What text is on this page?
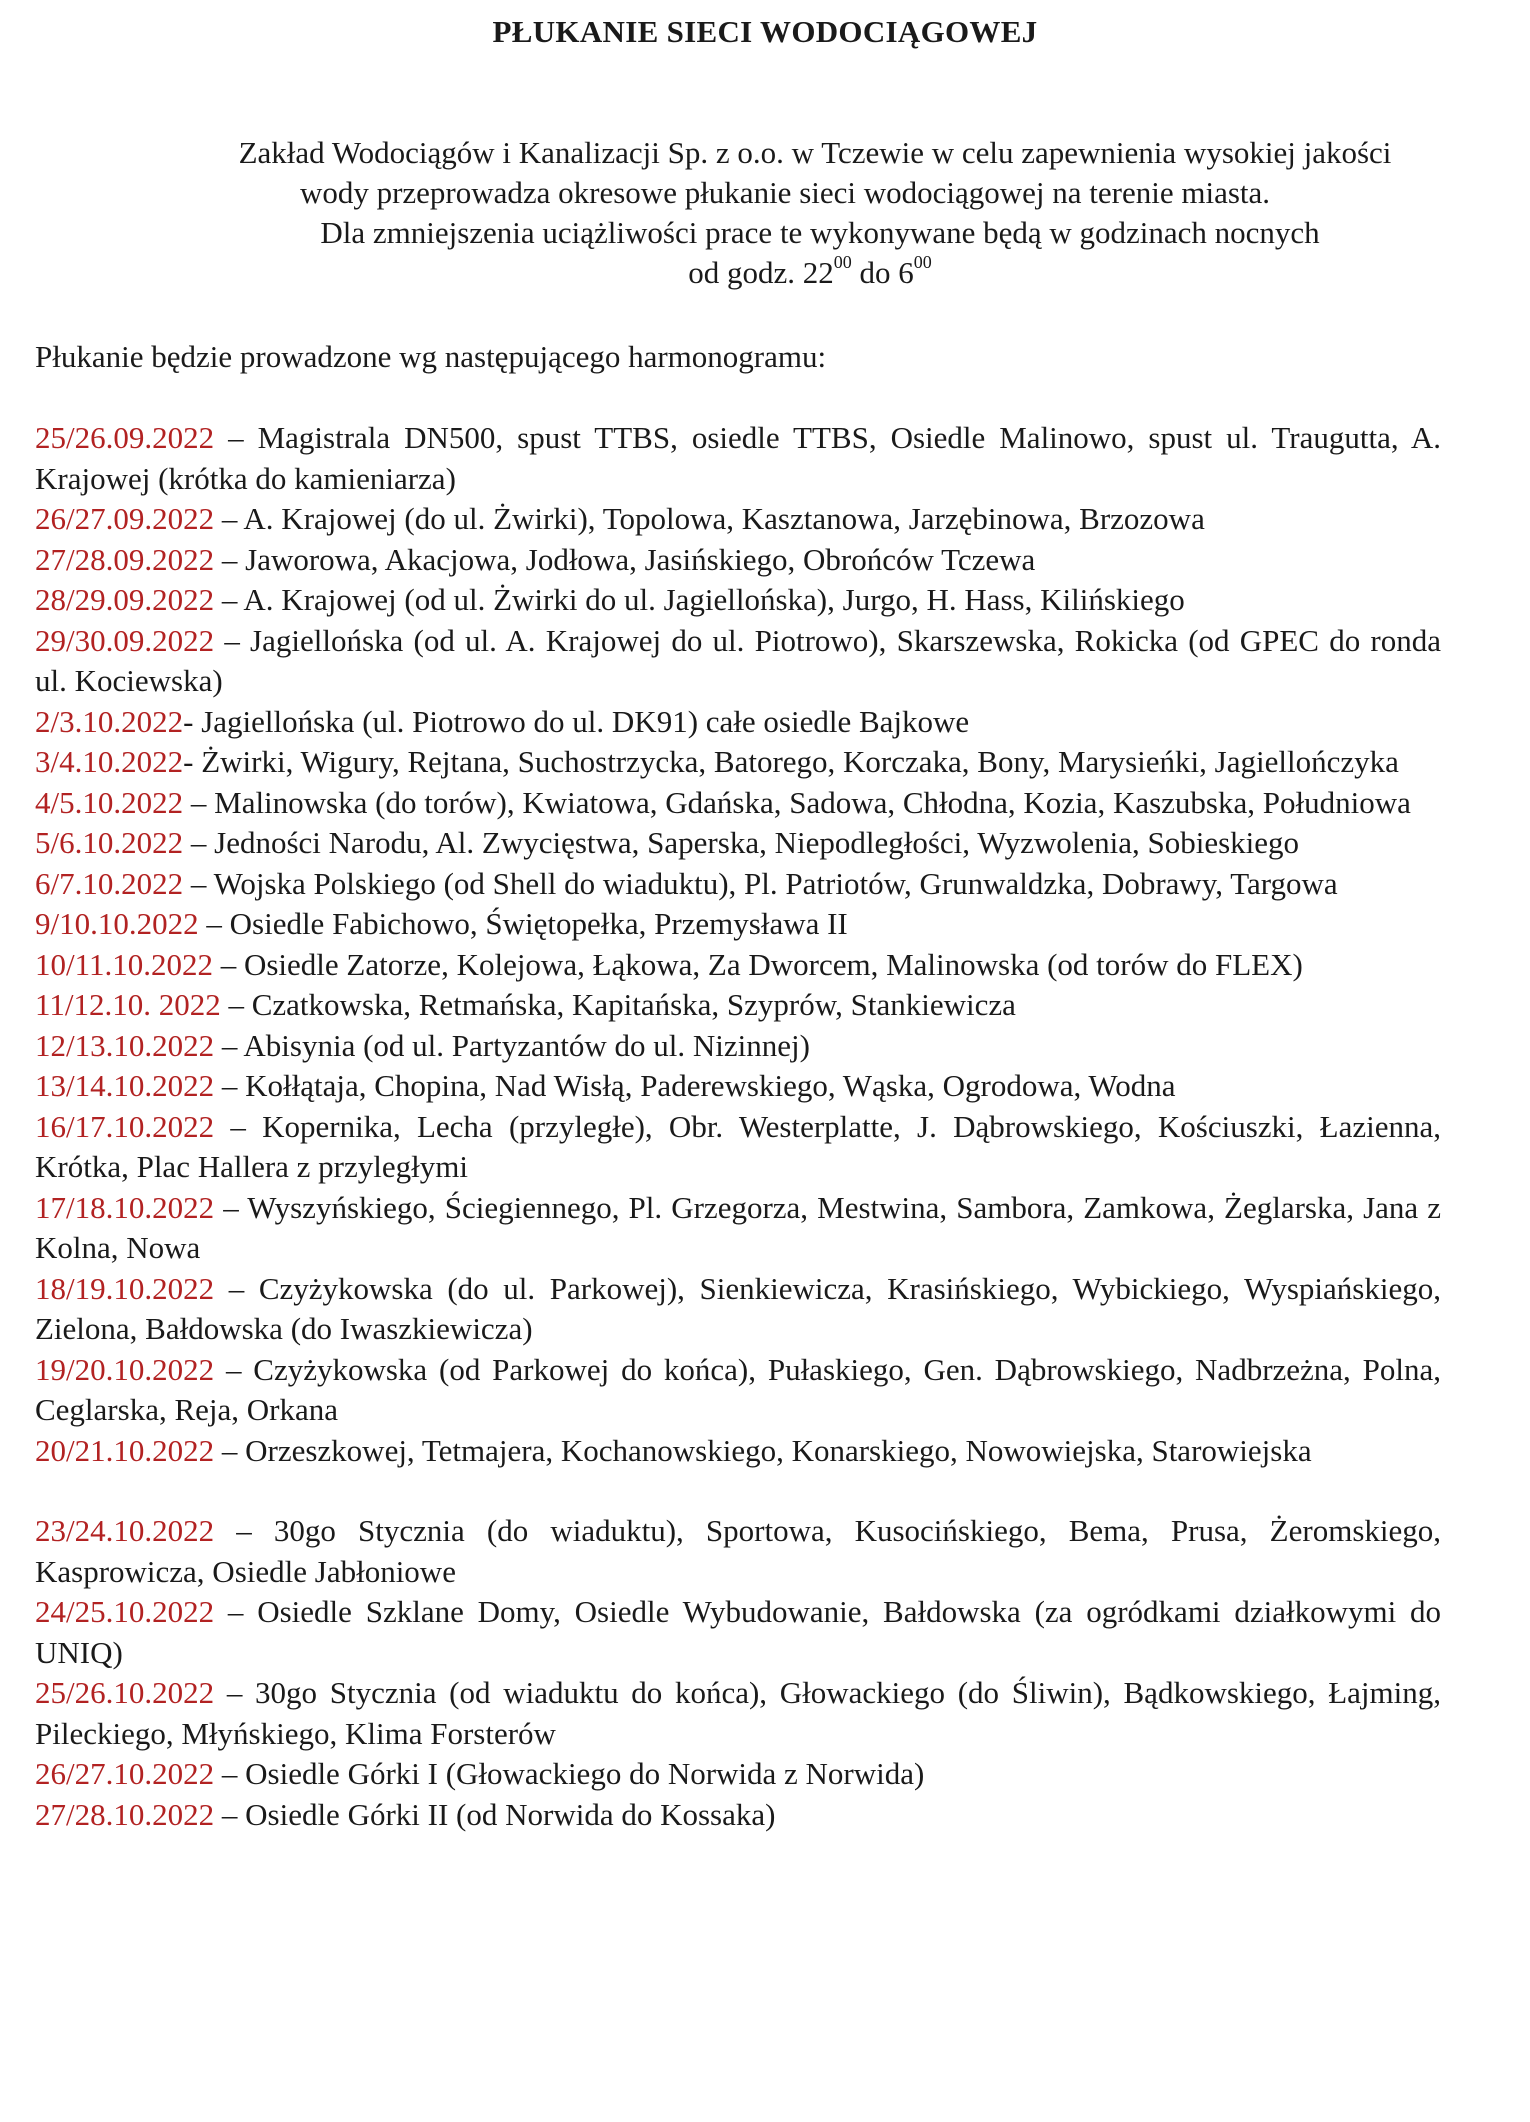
PŁUKANIE SIECI WODOCIĄGOWEJ
Zakład Wodociągów i Kanalizacji Sp. z o.o. w Tczewie w celu zapewnienia wysokiej jakości
wody przeprowadza okresowe płukanie sieci wodociągowej na terenie miasta.
Dla zmniejszenia uciążliwości prace te wykonywane będą w godzinach nocnych
od godz. $22^{00}$ do $6^{00}$
Płukanie będzie prowadzone wg następującego harmonogramu:
25/26.09.2022 – Magistrala DN500, spust TTBS, osiedle TTBS, Osiedle Malinowo, spust ul. Traugutta, A. Krajowej (krótka do kamieniarza)
26/27.09.2022 – A. Krajowej (do ul. Żwirki), Topolowa, Kasztanowa, Jarzębinowa, Brzozowa
27/28.09.2022 – Jaworowa, Akacjowa, Jodłowa, Jasińskiego, Obrońców Tczewa
28/29.09.2022 – A. Krajowej (od ul. Żwirki do ul. Jagiellońska), Jurgo, H. Hass, Kilińskiego
29/30.09.2022 – Jagiellońska (od ul. A. Krajowej do ul. Piotrowo), Skarszewska, Rokicka (od GPEC do ronda ul. Kociewska)
2/3.10.2022- Jagiellońska (ul. Piotrowo do ul. DK91) całe osiedle Bajkowe
3/4.10.2022- Żwirki, Wigury, Rejtana, Suchostrzycka, Batorego, Korczaka, Bony, Marysieńki, Jagiellończyka
4/5.10.2022 – Malinowska (do torów), Kwiatowa, Gdańska, Sadowa, Chłodna, Kozia, Kaszubska, Południowa
5/6.10.2022 – Jedności Narodu, Al. Zwycięstwa, Saperska, Niepodległości, Wyzwolenia, Sobieskiego
6/7.10.2022 – Wojska Polskiego (od Shell do wiaduktu), Pl. Patriotów, Grunwaldzka, Dobrawy, Targowa
9/10.10.2022 – Osiedle Fabichowo, Świętopełka, Przemysława II
10/11.10.2022 – Osiedle Zatorze, Kolejowa, Łąkowa, Za Dworcem, Malinowska (od torów do FLEX)
11/12.10. 2022 – Czatkowska, Retmańska, Kapitańska, Szyprów, Stankiewicza
12/13.10.2022 – Abisynia (od ul. Partyzantów do ul. Nizinnej)
13/14.10.2022 – Kołłątaja, Chopina, Nad Wisłą, Paderewskiego, Wąska, Ogrodowa, Wodna
16/17.10.2022 – Kopernika, Lecha (przyległe), Obr. Westerplatte, J. Dąbrowskiego, Kościuszki, Łazienna, Krótka, Plac Hallera z przyległymi
17/18.10.2022 – Wyszyńskiego, Ściegiennego, Pl. Grzegorza, Mestwina, Sambora, Zamkowa, Żeglarska, Jana z Kolna, Nowa
18/19.10.2022 – Czyżykowska (do ul. Parkowej), Sienkiewicza, Krasińskiego, Wybickiego, Wyspiańskiego, Zielona, Bałdowska (do Iwaszkiewicza)
19/20.10.2022 – Czyżykowska (od Parkowej do końca), Pułaskiego, Gen. Dąbrowskiego, Nadbrzeżna, Polna, Ceglarska, Reja, Orkana
20/21.10.2022 – Orzeszkowej, Tetmajera, Kochanowskiego, Konarskiego, Nowowiejska, Starowiejska
23/24.10.2022 – 30go Stycznia (do wiaduktu), Sportowa, Kusocińskiego, Bema, Prusa, Żeromskiego, Kasprowicza, Osiedle Jabłoniowe
24/25.10.2022 – Osiedle Szklane Domy, Osiedle Wybudowanie, Bałdowska (za ogródkami działkowymi do UNIQ)
25/26.10.2022 – 30go Stycznia (od wiaduktu do końca), Głowackiego (do Śliwin), Bądkowskiego, Łajming, Pileckiego, Młyńskiego, Klima Forsterów
26/27.10.2022 – Osiedle Górki I (Głowackiego do Norwida z Norwida)
27/28.10.2022 – Osiedle Górki II (od Norwida do Kossaka)
